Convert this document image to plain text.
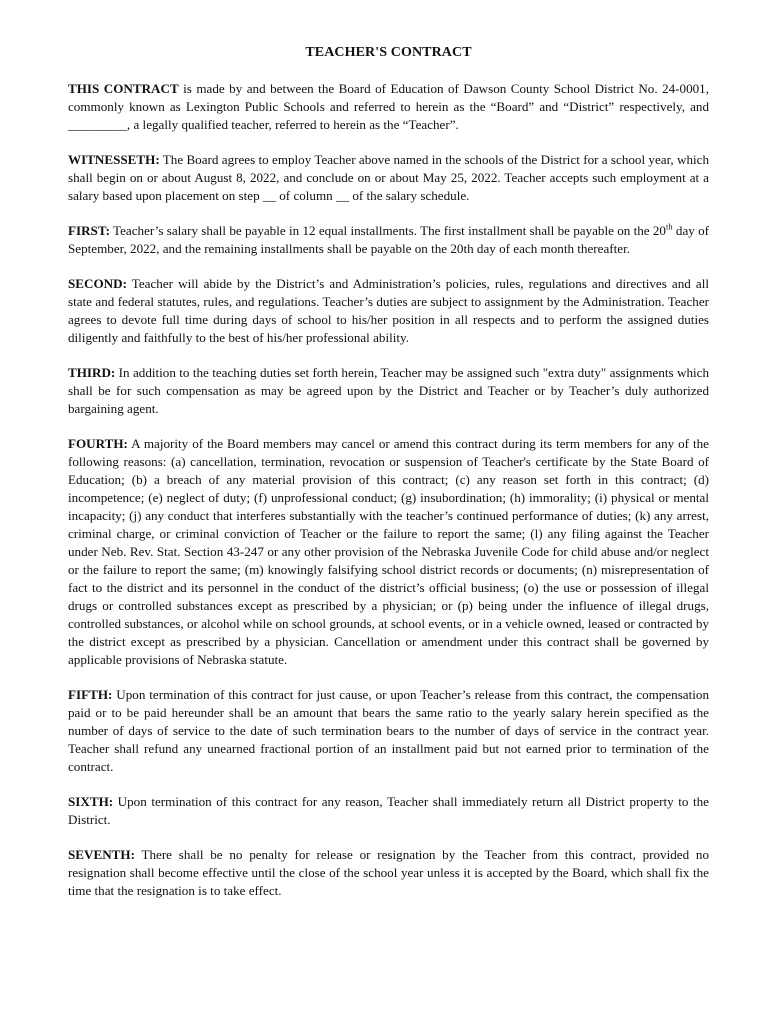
TEACHER'S CONTRACT

THIS CONTRACT is made by and between the Board of Education of Dawson County School District No. 24-0001, commonly known as Lexington Public Schools and referred to herein as the “Board” and “District” respectively, and _________, a legally qualified teacher, referred to herein as the “Teacher”.

WITNESSETH: The Board agrees to employ Teacher above named in the schools of the District for a school year, which shall begin on or about August 8, 2022, and conclude on or about May 25, 2022. Teacher accepts such employment at a salary based upon placement on step __ of column __ of the salary schedule.

FIRST: Teacher’s salary shall be payable in 12 equal installments. The first installment shall be payable on the 20th day of September, 2022, and the remaining installments shall be payable on the 20th day of each month thereafter.

SECOND: Teacher will abide by the District’s and Administration’s policies, rules, regulations and directives and all state and federal statutes, rules, and regulations. Teacher’s duties are subject to assignment by the Administration. Teacher agrees to devote full time during days of school to his/her position in all respects and to perform the assigned duties diligently and faithfully to the best of his/her professional ability.

THIRD: In addition to the teaching duties set forth herein, Teacher may be assigned such "extra duty" assignments which shall be for such compensation as may be agreed upon by the District and Teacher or by Teacher’s duly authorized bargaining agent.

FOURTH: A majority of the Board members may cancel or amend this contract during its term members for any of the following reasons: (a) cancellation, termination, revocation or suspension of Teacher's certificate by the State Board of Education; (b) a breach of any material provision of this contract; (c) any reason set forth in this contract; (d) incompetence; (e) neglect of duty; (f) unprofessional conduct; (g) insubordination; (h) immorality; (i) physical or mental incapacity; (j) any conduct that interferes substantially with the teacher’s continued performance of duties; (k) any arrest, criminal charge, or criminal conviction of Teacher or the failure to report the same; (l) any filing against the Teacher under Neb. Rev. Stat. Section 43-247 or any other provision of the Nebraska Juvenile Code for child abuse and/or neglect or the failure to report the same; (m) knowingly falsifying school district records or documents; (n) misrepresentation of fact to the district and its personnel in the conduct of the district’s official business; (o) the use or possession of illegal drugs or controlled substances except as prescribed by a physician; or (p) being under the influence of illegal drugs, controlled substances, or alcohol while on school grounds, at school events, or in a vehicle owned, leased or contracted by the district except as prescribed by a physician. Cancellation or amendment under this contract shall be governed by applicable provisions of Nebraska statute.

FIFTH: Upon termination of this contract for just cause, or upon Teacher’s release from this contract, the compensation paid or to be paid hereunder shall be an amount that bears the same ratio to the yearly salary herein specified as the number of days of service to the date of such termination bears to the number of days of service in the contract year. Teacher shall refund any unearned fractional portion of an installment paid but not earned prior to termination of the contract.

SIXTH: Upon termination of this contract for any reason, Teacher shall immediately return all District property to the District.

SEVENTH: There shall be no penalty for release or resignation by the Teacher from this contract, provided no resignation shall become effective until the close of the school year unless it is accepted by the Board, which shall fix the time that the resignation is to take effect.
